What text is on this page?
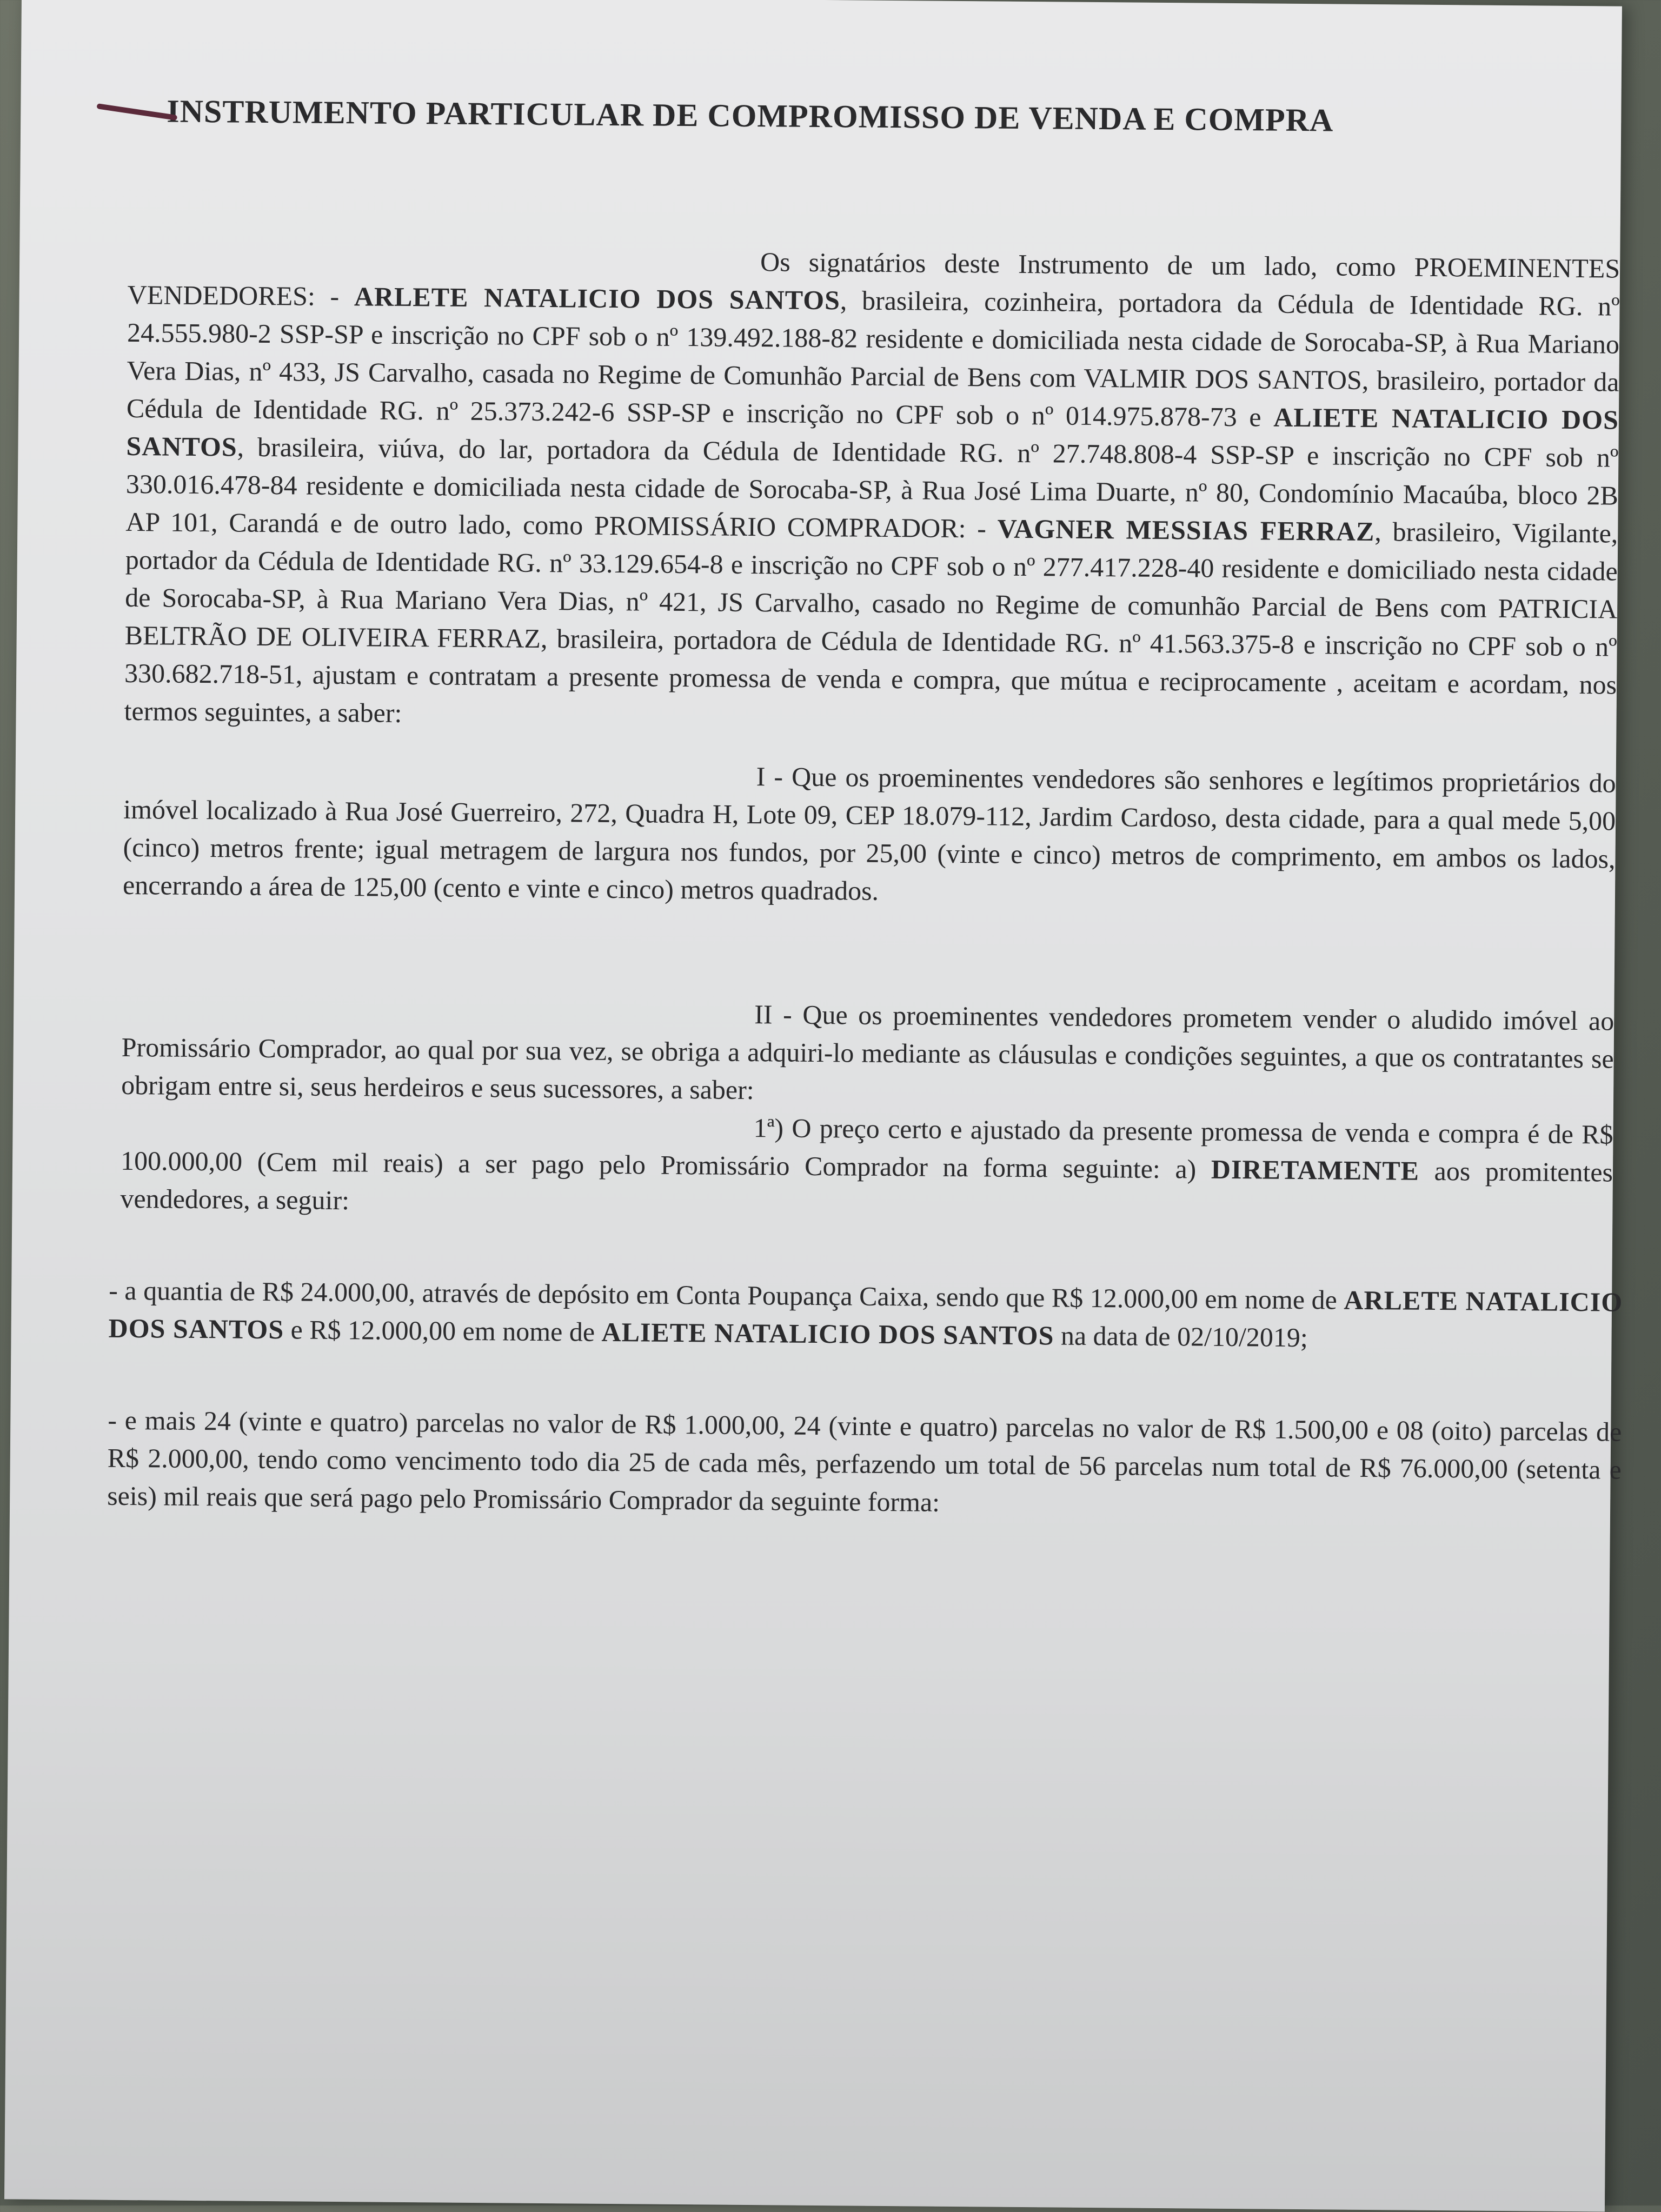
INSTRUMENTO PARTICULAR DE COMPROMISSO DE VENDA E COMPRA

Os signatários deste Instrumento de um lado, como PROEMINENTES VENDEDORES: - ARLETE NATALICIO DOS SANTOS, brasileira, cozinheira, portadora da Cédula de Identidade RG. nº 24.555.980-2 SSP-SP e inscrição no CPF sob o nº 139.492.188-82 residente e domiciliada nesta cidade de Sorocaba-SP, à Rua Mariano Vera Dias, nº 433, JS Carvalho, casada no Regime de Comunhão Parcial de Bens com VALMIR DOS SANTOS, brasileiro, portador da Cédula de Identidade RG. nº 25.373.242-6 SSP-SP e inscrição no CPF sob o nº 014.975.878-73 e ALIETE NATALICIO DOS SANTOS, brasileira, viúva, do lar, portadora da Cédula de Identidade RG. nº 27.748.808-4 SSP-SP e inscrição no CPF sob nº 330.016.478-84 residente e domiciliada nesta cidade de Sorocaba-SP, à Rua José Lima Duarte, nº 80, Condomínio Macaúba, bloco 2B AP 101, Carandá e de outro lado, como PROMISSÁRIO COMPRADOR: - VAGNER MESSIAS FERRAZ, brasileiro, Vigilante, portador da Cédula de Identidade RG. nº 33.129.654-8 e inscrição no CPF sob o nº 277.417.228-40 residente e domiciliado nesta cidade de Sorocaba-SP, à Rua Mariano Vera Dias, nº 421, JS Carvalho, casado no Regime de comunhão Parcial de Bens com PATRICIA BELTRÃO DE OLIVEIRA FERRAZ, brasileira, portadora de Cédula de Identidade RG. nº 41.563.375-8 e inscrição no CPF sob o nº 330.682.718-51, ajustam e contratam a presente promessa de venda e compra, que mútua e reciprocamente , aceitam e acordam, nos termos seguintes, a saber:

I - Que os proeminentes vendedores são senhores e legítimos proprietários do imóvel localizado à Rua José Guerreiro, 272, Quadra H, Lote 09, CEP 18.079-112, Jardim Cardoso, desta cidade, para a qual mede 5,00 (cinco) metros frente; igual metragem de largura nos fundos, por 25,00 (vinte e cinco) metros de comprimento, em ambos os lados, encerrando a área de 125,00 (cento e vinte e cinco) metros quadrados.

II - Que os proeminentes vendedores prometem vender o aludido imóvel ao Promissário Comprador, ao qual por sua vez, se obriga a adquiri-lo mediante as cláusulas e condições seguintes, a que os contratantes se obrigam entre si, seus herdeiros e seus sucessores, a saber:

1ª) O preço certo e ajustado da presente promessa de venda e compra é de R$ 100.000,00 (Cem mil reais) a ser pago pelo Promissário Comprador na forma seguinte: a) DIRETAMENTE aos promitentes vendedores, a seguir:

- a quantia de R$ 24.000,00, através de depósito em Conta Poupança Caixa, sendo que R$ 12.000,00 em nome de ARLETE NATALICIO DOS SANTOS e R$ 12.000,00 em nome de ALIETE NATALICIO DOS SANTOS na data de 02/10/2019;

- e mais 24 (vinte e quatro) parcelas no valor de R$ 1.000,00, 24 (vinte e quatro) parcelas no valor de R$ 1.500,00 e 08 (oito) parcelas de R$ 2.000,00, tendo como vencimento todo dia 25 de cada mês, perfazendo um total de 56 parcelas num total de R$ 76.000,00 (setenta e seis) mil reais que será pago pelo Promissário Comprador da seguinte forma:
